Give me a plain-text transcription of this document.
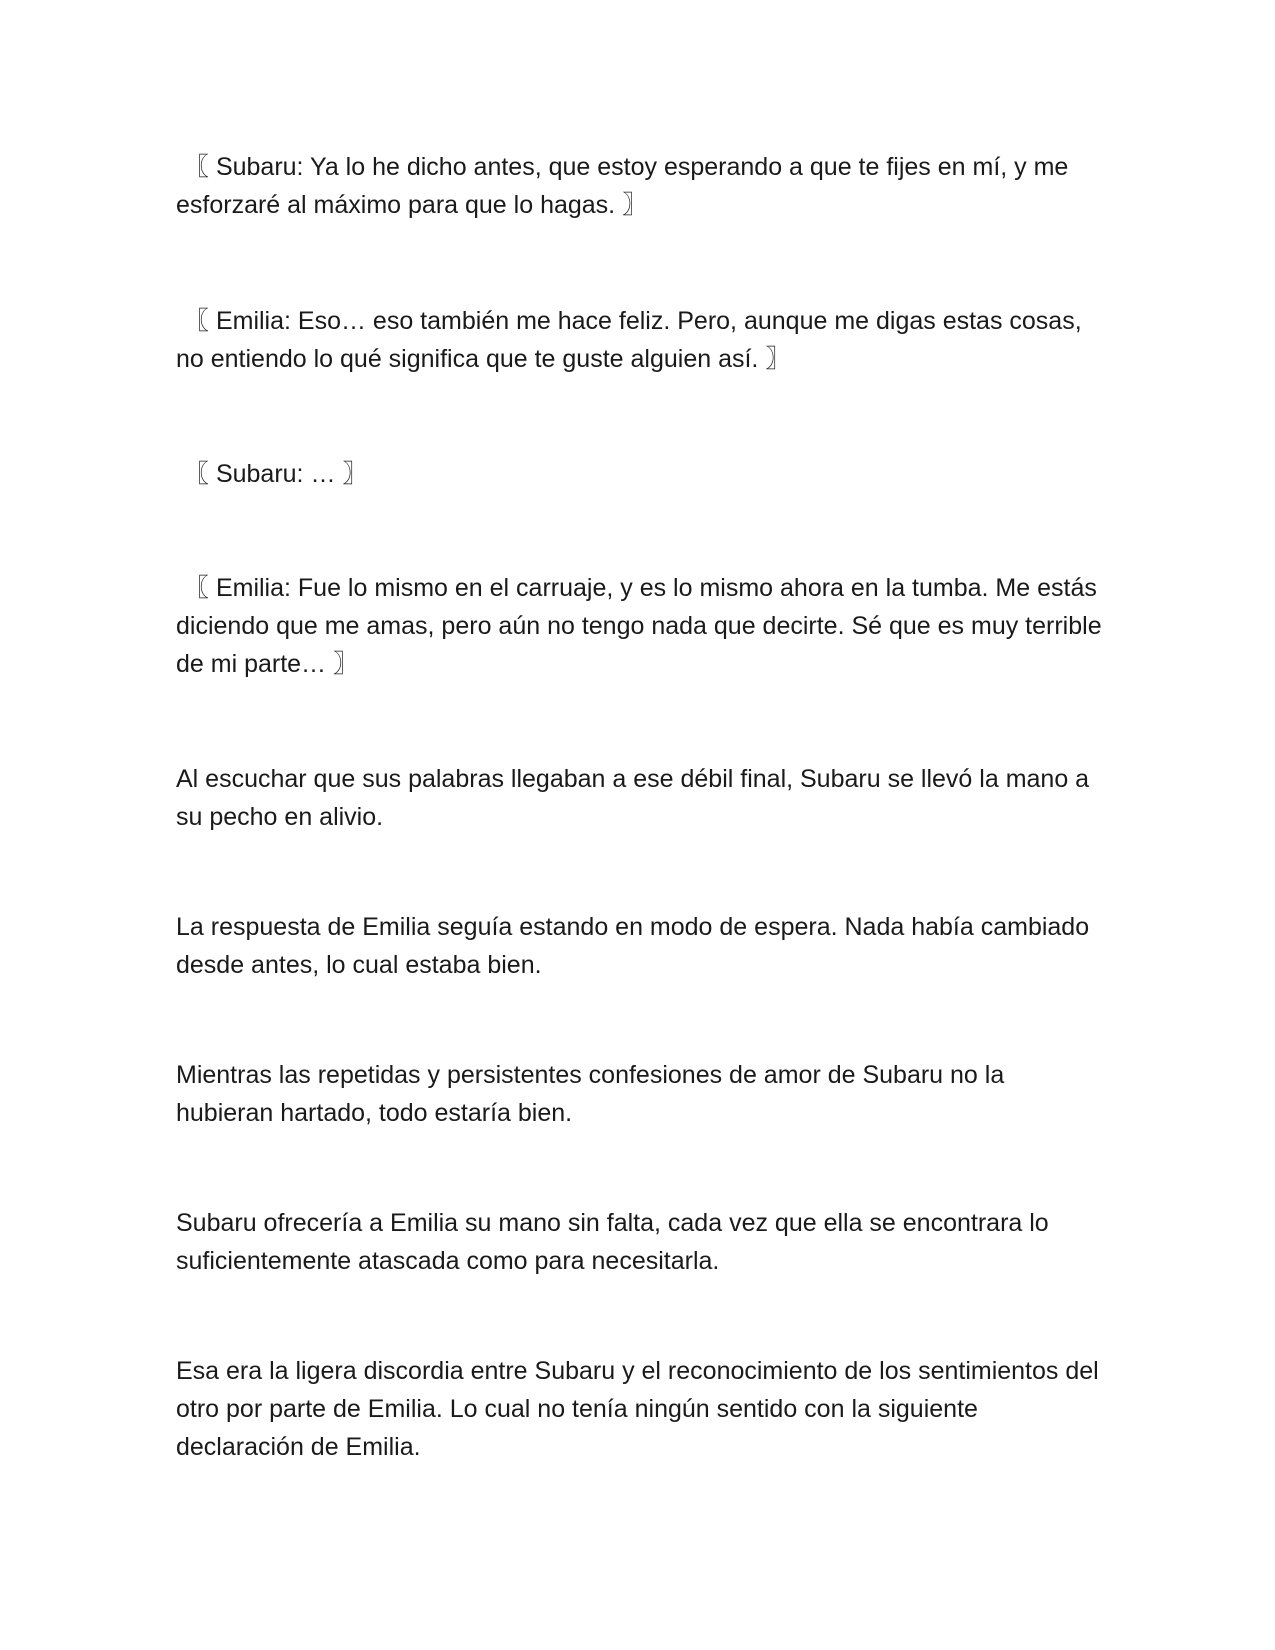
〖 Subaru: Ya lo he dicho antes, que estoy esperando a que te fijes en mí, y me esforzaré al máximo para que lo hagas. 〗

〖 Emilia: Eso… eso también me hace feliz. Pero, aunque me digas estas cosas, no entiendo lo qué significa que te guste alguien así. 〗

〖 Subaru: … 〗

〖 Emilia: Fue lo mismo en el carruaje, y es lo mismo ahora en la tumba. Me estás diciendo que me amas, pero aún no tengo nada que decirte. Sé que es muy terrible de mi parte… 〗

Al escuchar que sus palabras llegaban a ese débil final, Subaru se llevó la mano a su pecho en alivio.

La respuesta de Emilia seguía estando en modo de espera. Nada había cambiado desde antes, lo cual estaba bien.

Mientras las repetidas y persistentes confesiones de amor de Subaru no la hubieran hartado, todo estaría bien.

Subaru ofrecería a Emilia su mano sin falta, cada vez que ella se encontrara lo suficientemente atascada como para necesitarla.

Esa era la ligera discordia entre Subaru y el reconocimiento de los sentimientos del otro por parte de Emilia. Lo cual no tenía ningún sentido con la siguiente declaración de Emilia.
